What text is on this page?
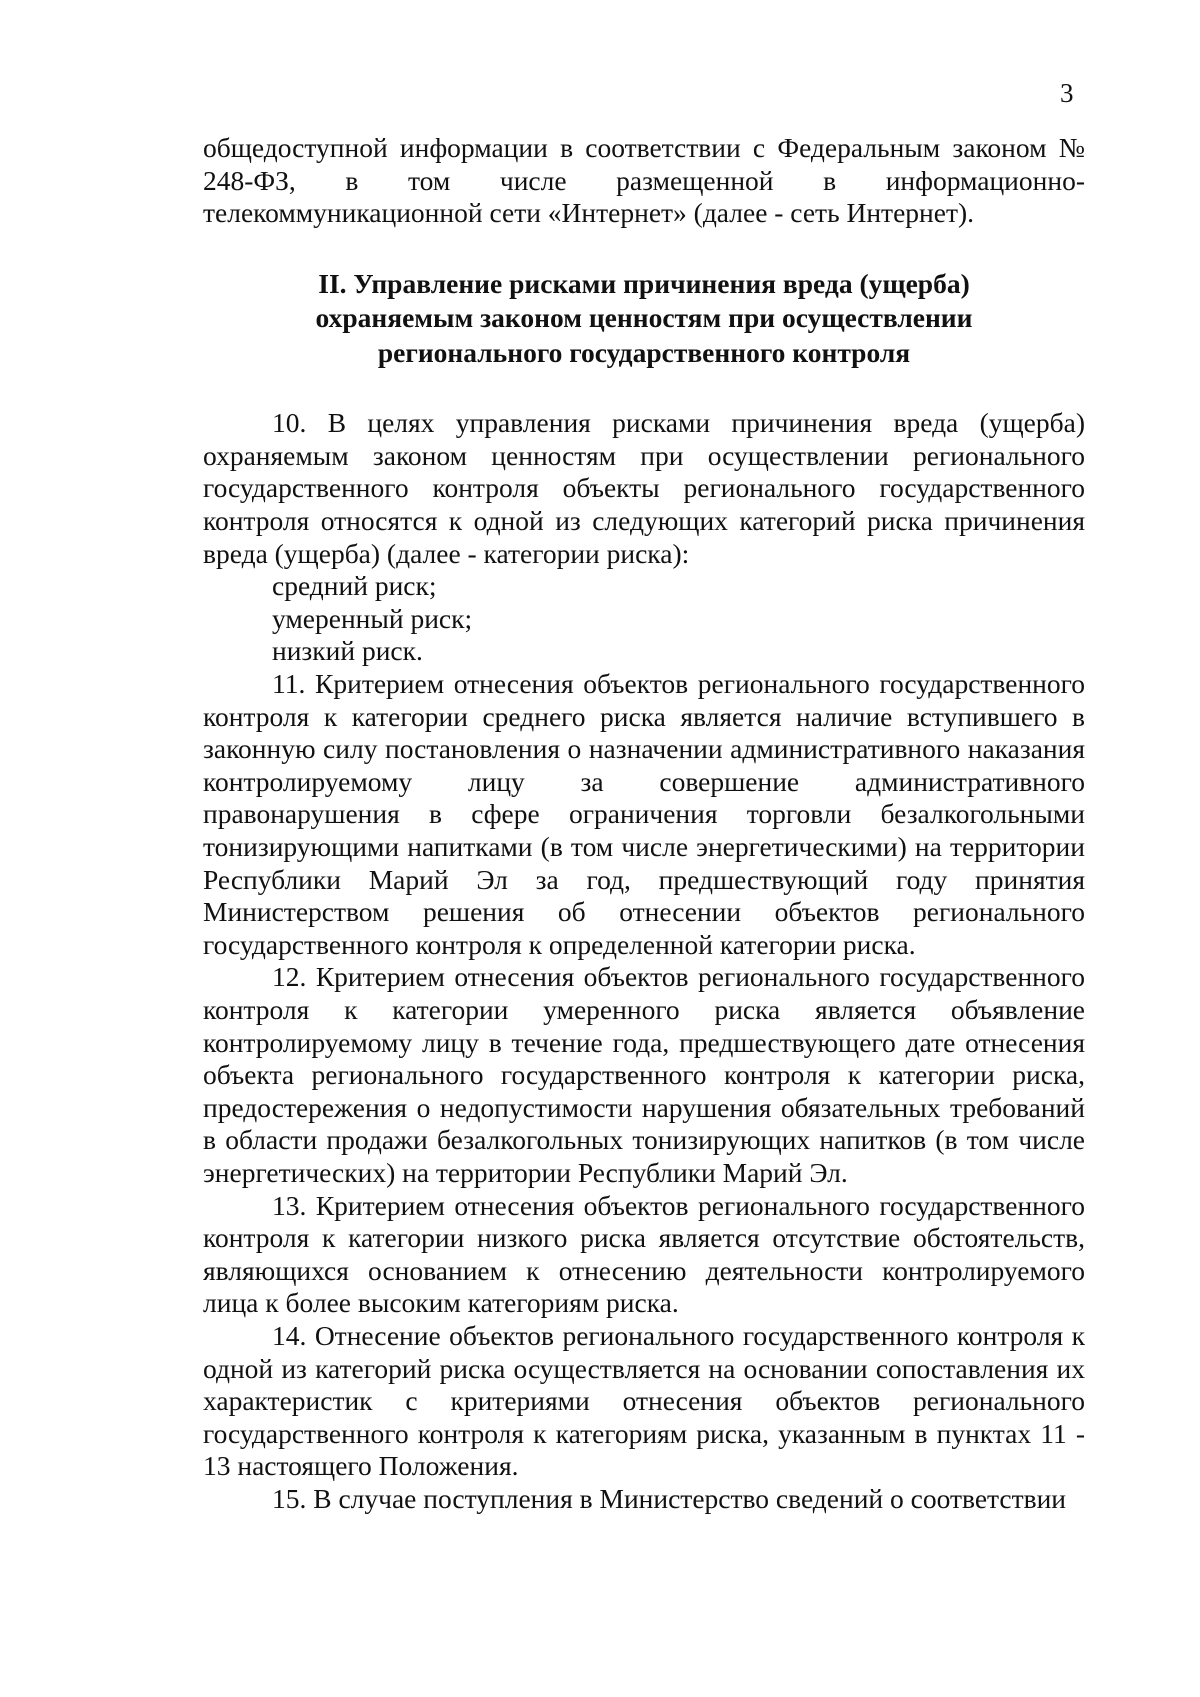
3

общедоступной информации в соответствии с Федеральным законом № 248-ФЗ, в том числе размещенной в информационно-телекоммуникационной сети «Интернет» (далее - сеть Интернет).

II. Управление рисками причинения вреда (ущерба)
охраняемым законом ценностям при осуществлении
регионального государственного контроля

10. В целях управления рисками причинения вреда (ущерба) охраняемым законом ценностям при осуществлении регионального государственного контроля объекты регионального государственного контроля относятся к одной из следующих категорий риска причинения вреда (ущерба) (далее - категории риска):

средний риск;

умеренный риск;

низкий риск.

11. Критерием отнесения объектов регионального государственного контроля к категории среднего риска является наличие вступившего в законную силу постановления о назначении административного наказания контролируемому лицу за совершение административного правонарушения в сфере ограничения торговли безалкогольными тонизирующими напитками (в том числе энергетическими) на территории Республики Марий Эл за год, предшествующий году принятия Министерством решения об отнесении объектов регионального государственного контроля к определенной категории риска.

12. Критерием отнесения объектов регионального государственного контроля к категории умеренного риска является объявление контролируемому лицу в течение года, предшествующего дате отнесения объекта регионального государственного контроля к категории риска, предостережения о недопустимости нарушения обязательных требований в области продажи безалкогольных тонизирующих напитков (в том числе энергетических) на территории Республики Марий Эл.

13. Критерием отнесения объектов регионального государственного контроля к категории низкого риска является отсутствие обстоятельств, являющихся основанием к отнесению деятельности контролируемого лица к более высоким категориям риска.

14. Отнесение объектов регионального государственного контроля к одной из категорий риска осуществляется на основании сопоставления их характеристик с критериями отнесения объектов регионального государственного контроля к категориям риска, указанным в пунктах 11 - 13 настоящего Положения.

15. В случае поступления в Министерство сведений о соответствии
